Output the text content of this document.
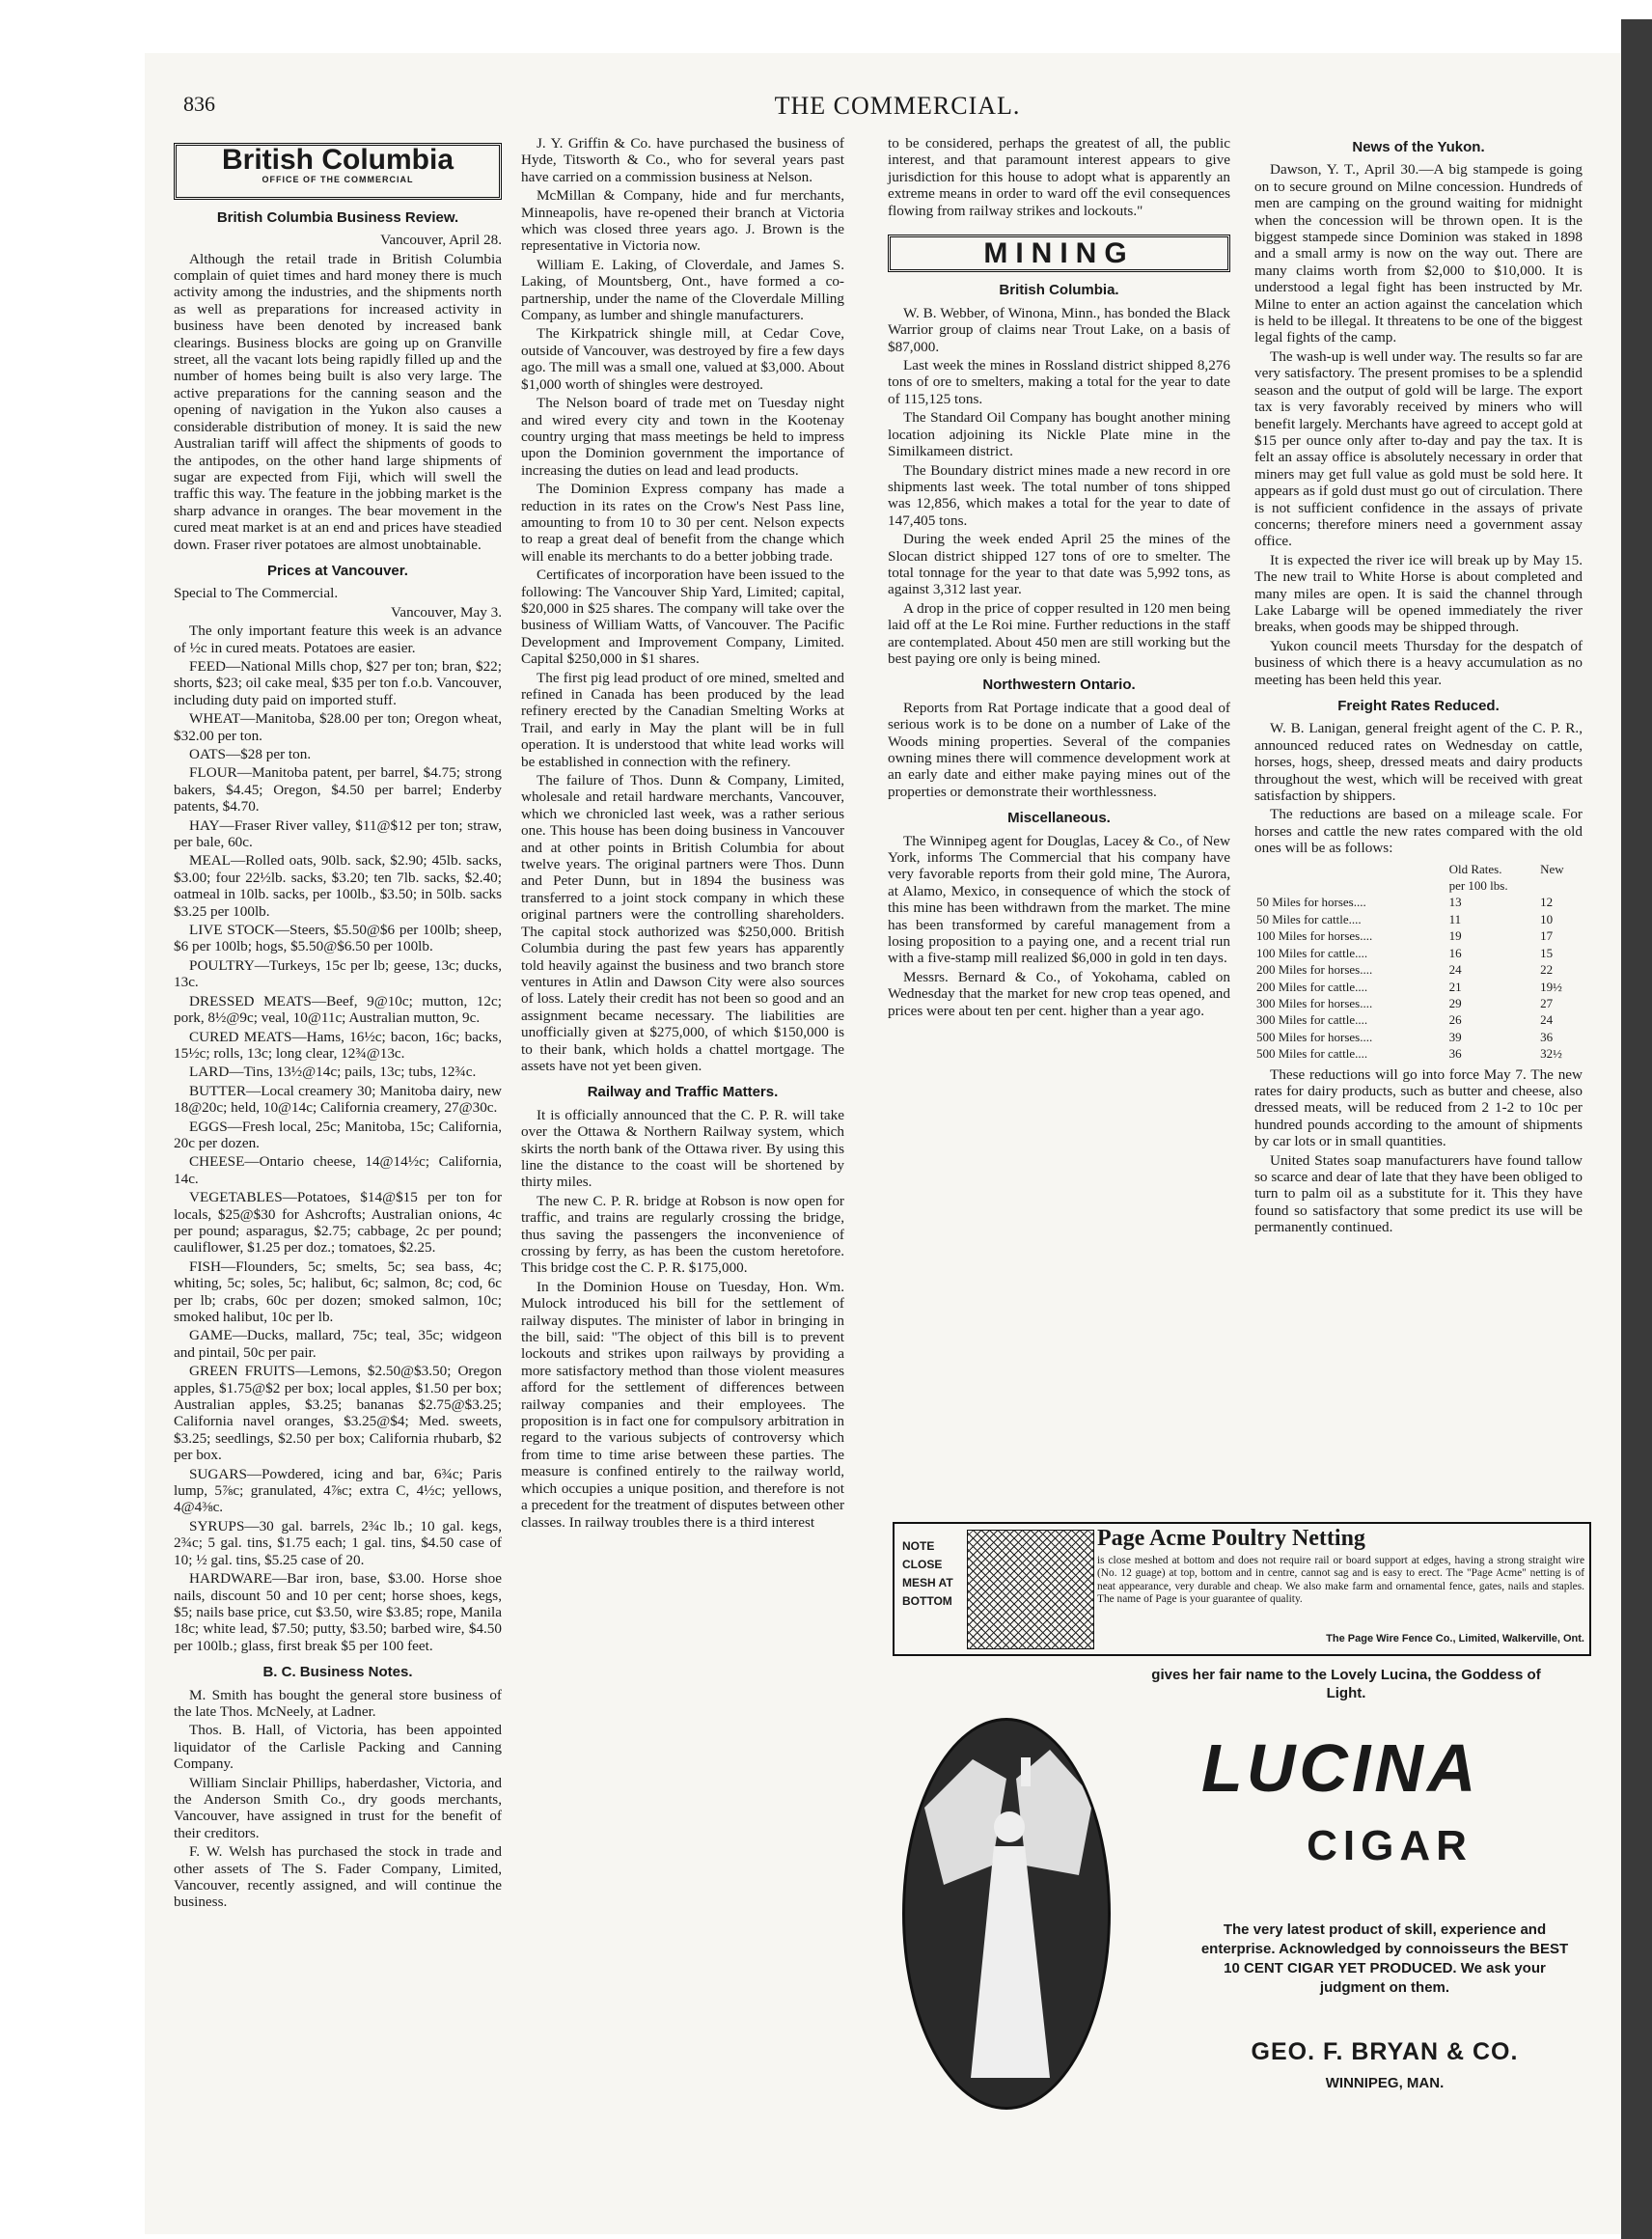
836	THE COMMERCIAL.
British Columbia
OFFICE OF THE COMMERCIAL
British Columbia Business Review.

Vancouver, April 28.

Although the retail trade in British Columbia complain of quiet times and hard money there is much activity among the industries, and the shipments north as well as preparations for increased activity in business have been denoted by increased bank clearings. Business blocks are going up on Granville street, all the vacant lots being rapidly filled up and the number of homes being built is also very large. The active preparations for the canning season and the opening of navigation in the Yukon also causes a considerable distribution of money. It is said the new Australian tariff will affect the shipments of goods to the antipodes, on the other hand large shipments of sugar are expected from Fiji, which will swell the traffic this way. The feature in the jobbing market is the sharp advance in oranges. The bear movement in the cured meat market is at an end and prices have steadied down. Fraser river potatoes are almost unobtainable.

Prices at Vancouver.

Special to The Commercial.

Vancouver, May 3.

The only important feature this week is an advance of ½c in cured meats. Potatoes are easier.

FEED—National Mills chop, $27 per ton; bran, $22; shorts, $23; oil cake meal, $35 per ton f.o.b. Vancouver, including duty paid on imported stuff.

WHEAT—Manitoba, $28.00 per ton; Oregon wheat, $32.00 per ton.

OATS—$28 per ton.

FLOUR—Manitoba patent, per barrel, $4.75; strong bakers, $4.45; Oregon, $4.50 per barrel; Enderby patents, $4.70.

HAY—Fraser River valley, $11@$12 per ton; straw, per bale, 60c.

MEAL—Rolled oats, 90lb. sack, $2.90; 45lb. sacks, $3.00; four 22½lb. sacks, $3.20; ten 7lb. sacks, $2.40; oatmeal in 10lb. sacks, per 100lb., $3.50; in 50lb. sacks $3.25 per 100lb.

LIVE STOCK—Steers, $5.50@$6 per 100lb; sheep, $6 per 100lb; hogs, $5.50@$6.50 per 100lb.

POULTRY—Turkeys, 15c per lb; geese, 13c; ducks, 13c.

DRESSED MEATS—Beef, 9@10c; mutton, 12c; pork, 8½@9c; veal, 10@11c; Australian mutton, 9c.

CURED MEATS—Hams, 16½c; bacon, 16c; backs, 15½c; rolls, 13c; long clear, 12¾@13c.

LARD—Tins, 13½@14c; pails, 13c; tubs, 12¾c.

BUTTER—Local creamery 30; Manitoba dairy, new 18@20c; held, 10@14c; California creamery, 27@30c.

EGGS—Fresh local, 25c; Manitoba, 15c; California, 20c per dozen.

CHEESE—Ontario cheese, 14@14½c; California, 14c.

VEGETABLES—Potatoes, $14@$15 per ton for locals, $25@$30 for Ashcrofts; Australian onions, 4c per pound; asparagus, $2.75; cabbage, 2c per pound; cauliflower, $1.25 per doz.; tomatoes, $2.25.

FISH—Flounders, 5c; smelts, 5c; sea bass, 4c; whiting, 5c; soles, 5c; halibut, 6c; salmon, 8c; cod, 6c per lb; crabs, 60c per dozen; smoked salmon, 10c; smoked halibut, 10c per lb.

GAME—Ducks, mallard, 75c; teal, 35c; widgeon and pintail, 50c per pair.

GREEN FRUITS—Lemons, $2.50@$3.50; Oregon apples, $1.75@$2 per box; local apples, $1.50 per box; Australian apples, $3.25; bananas $2.75@$3.25; California navel oranges, $3.25@$4; Med. sweets, $3.25; seedlings, $2.50 per box; California rhubarb, $2 per box.

SUGARS—Powdered, icing and bar, 6¾c; Paris lump, 5⅞c; granulated, 4⅞c; extra C, 4½c; yellows, 4@4⅜c.

SYRUPS—30 gal. barrels, 2¾c lb.; 10 gal. kegs, 2¾c; 5 gal. tins, $1.75 each; 1 gal. tins, $4.50 case of 10; ½ gal. tins, $5.25 case of 20.

HARDWARE—Bar iron, base, $3.00. Horse shoe nails, discount 50 and 10 per cent; horse shoes, kegs, $5; nails base price, cut $3.50, wire $3.85; rope, Manila 18c; white lead, $7.50; putty, $3.50; barbed wire, $4.50 per 100lb.; glass, first break $5 per 100 feet.

B. C. Business Notes.

M. Smith has bought the general store business of the late Thos. McNeely, at Ladner.

Thos. B. Hall, of Victoria, has been appointed liquidator of the Carlisle Packing and Canning Company.

William Sinclair Phillips, haberdasher, Victoria, and the Anderson Smith Co., dry goods merchants, Vancouver, have assigned in trust for the benefit of their creditors.

F. W. Welsh has purchased the stock in trade and other assets of The S. Fader Company, Limited, Vancouver, recently assigned, and will continue the business.

J. Y. Griffin & Co. have purchased the business of Hyde, Titsworth & Co., who for several years past have carried on a commission business at Nelson.

McMillan & Company, hide and fur merchants, Minneapolis, have re-opened their branch at Victoria which was closed three years ago. J. Brown is the representative in Victoria now.

William E. Laking, of Cloverdale, and James S. Laking, of Mountsberg, Ont., have formed a co-partnership, under the name of the Cloverdale Milling Company, as lumber and shingle manufacturers.

The Kirkpatrick shingle mill, at Cedar Cove, outside of Vancouver, was destroyed by fire a few days ago. The mill was a small one, valued at $3,000. About $1,000 worth of shingles were destroyed.

The Nelson board of trade met on Tuesday night and wired every city and town in the Kootenay country urging that mass meetings be held to impress upon the Dominion government the importance of increasing the duties on lead and lead products.

The Dominion Express company has made a reduction in its rates on the Crow's Nest Pass line, amounting to from 10 to 30 per cent. Nelson expects to reap a great deal of benefit from the change which will enable its merchants to do a better jobbing trade.

Certificates of incorporation have been issued to the following: The Vancouver Ship Yard, Limited; capital, $20,000 in $25 shares. The company will take over the business of William Watts, of Vancouver. The Pacific Development and Improvement Company, Limited. Capital $250,000 in $1 shares.

The first pig lead product of ore mined, smelted and refined in Canada has been produced by the lead refinery erected by the Canadian Smelting Works at Trail, and early in May the plant will be in full operation. It is understood that white lead works will be established in connection with the refinery.

The failure of Thos. Dunn & Company, Limited, wholesale and retail hardware merchants, Vancouver, which we chronicled last week, was a rather serious one. This house has been doing business in Vancouver and at other points in British Columbia for about twelve years. The original partners were Thos. Dunn and Peter Dunn, but in 1894 the business was transferred to a joint stock company in which these original partners were the controlling shareholders. The capital stock authorized was $250,000. British Columbia during the past few years has apparently told heavily against the business and two branch store ventures in Atlin and Dawson City were also sources of loss. Lately their credit has not been so good and an assignment became necessary. The liabilities are unofficially given at $275,000, of which $150,000 is to their bank, which holds a chattel mortgage. The assets have not yet been given.

Railway and Traffic Matters.

It is officially announced that the C. P. R. will take over the Ottawa & Northern Railway system, which skirts the north bank of the Ottawa river. By using this line the distance to the coast will be shortened by thirty miles.

The new C. P. R. bridge at Robson is now open for traffic, and trains are regularly crossing the bridge, thus saving the passengers the inconvenience of crossing by ferry, as has been the custom heretofore. This bridge cost the C. P. R. $175,000.

In the Dominion House on Tuesday, Hon. Wm. Mulock introduced his bill for the settlement of railway disputes. The minister of labor in bringing in the bill, said: "The object of this bill is to prevent lockouts and strikes upon railways by providing a more satisfactory method than those violent measures afford for the settlement of differences between railway companies and their employees. The proposition is in fact one for compulsory arbitration in regard to the various subjects of controversy which from time to time arise between these parties. The measure is confined entirely to the railway world, which occupies a unique position, and therefore is not a precedent for the treatment of disputes between other classes. In railway troubles there is a third interest

to be considered, perhaps the greatest of all, the public interest, and that paramount interest appears to give jurisdiction for this house to adopt what is apparently an extreme means in order to ward off the evil consequences flowing from railway strikes and lockouts."

MINING
British Columbia.

W. B. Webber, of Winona, Minn., has bonded the Black Warrior group of claims near Trout Lake, on a basis of $87,000.

Last week the mines in Rossland district shipped 8,276 tons of ore to smelters, making a total for the year to date of 115,125 tons.

The Standard Oil Company has bought another mining location adjoining its Nickle Plate mine in the Similkameen district.

The Boundary district mines made a new record in ore shipments last week. The total number of tons shipped was 12,856, which makes a total for the year to date of 147,405 tons.

During the week ended April 25 the mines of the Slocan district shipped 127 tons of ore to smelter. The total tonnage for the year to that date was 5,992 tons, as against 3,312 last year.

A drop in the price of copper resulted in 120 men being laid off at the Le Roi mine. Further reductions in the staff are contemplated. About 450 men are still working but the best paying ore only is being mined.

Northwestern Ontario.

Reports from Rat Portage indicate that a good deal of serious work is to be done on a number of Lake of the Woods mining properties. Several of the companies owning mines there will commence development work at an early date and either make paying mines out of the properties or demonstrate their worthlessness.

Miscellaneous.

The Winnipeg agent for Douglas, Lacey & Co., of New York, informs The Commercial that his company have very favorable reports from their gold mine, The Aurora, at Alamo, Mexico, in consequence of which the stock of this mine has been withdrawn from the market. The mine has been transformed by careful management from a losing proposition to a paying one, and a recent trial run with a five-stamp mill realized $6,000 in gold in ten days.

Messrs. Bernard & Co., of Yokohama, cabled on Wednesday that the market for new crop teas opened, and prices were about ten per cent. higher than a year ago.

News of the Yukon.

Dawson, Y. T., April 30.—A big stampede is going on to secure ground on Milne concession. Hundreds of men are camping on the ground waiting for midnight when the concession will be thrown open. It is the biggest stampede since Dominion was staked in 1898 and a small army is now on the way out. There are many claims worth from $2,000 to $10,000. It is understood a legal fight has been instructed by Mr. Milne to enter an action against the cancelation which is held to be illegal. It threatens to be one of the biggest legal fights of the camp.

The wash-up is well under way. The results so far are very satisfactory. The present promises to be a splendid season and the output of gold will be large. The export tax is very favorably received by miners who will benefit largely. Merchants have agreed to accept gold at $15 per ounce only after to-day and pay the tax. It is felt an assay office is absolutely necessary in order that miners may get full value as gold must be sold here. It appears as if gold dust must go out of circulation. There is not sufficient confidence in the assays of private concerns; therefore miners need a government assay office.

It is expected the river ice will break up by May 15. The new trail to White Horse is about completed and many miles are open. It is said the channel through Lake Labarge will be opened immediately the river breaks, when goods may be shipped through.

Yukon council meets Thursday for the despatch of business of which there is a heavy accumulation as no meeting has been held this year.

Freight Rates Reduced.

W. B. Lanigan, general freight agent of the C. P. R., announced reduced rates on Wednesday on cattle, horses, hogs, sheep, dressed meats and dairy products throughout the west, which will be received with great satisfaction by shippers.

The reductions are based on a mileage scale. For horses and cattle the new rates compared with the old ones will be as follows:

	Old Rates.	New
	per 100 lbs.	
50 Miles for horses....	13	12
50 Miles for cattle....	11	10
100 Miles for horses....	19	17
100 Miles for cattle....	16	15
200 Miles for horses....	24	22
200 Miles for cattle....	21	19½
300 Miles for horses....	29	27
300 Miles for cattle....	26	24
500 Miles for horses....	39	36
500 Miles for cattle....	36	32½

These reductions will go into force May 7. The new rates for dairy products, such as butter and cheese, also dressed meats, will be reduced from 2 1-2 to 10c per hundred pounds according to the amount of shipments by car lots or in small quantities.

United States soap manufacturers have found tallow so scarce and dear of late that they have been obliged to turn to palm oil as a substitute for it. This they have found so satisfactory that some predict its use will be permanently continued.

NOTE CLOSE MESH AT BOTTOM
Page Acme Poultry Netting
is close meshed at bottom and does not require rail or board support at edges, having a strong straight wire (No. 12 guage) at top, bottom and in centre, cannot sag and is easy to erect. The "Page Acme" netting is of neat appearance, very durable and cheap. We also make farm and ornamental fence, gates, nails and staples. The name of Page is your guarantee of quality.
The Page Wire Fence Co., Limited, Walkerville, Ont.
gives her fair name to the Lovely Lucina, the Goddess of Light.
LUCINA
CIGAR
The very latest product of skill, experience and enterprise. Acknowledged by connoisseurs the BEST 10 CENT CIGAR YET PRODUCED. We ask your judgment on them.
GEO. F. BRYAN & CO.
WINNIPEG, MAN.
